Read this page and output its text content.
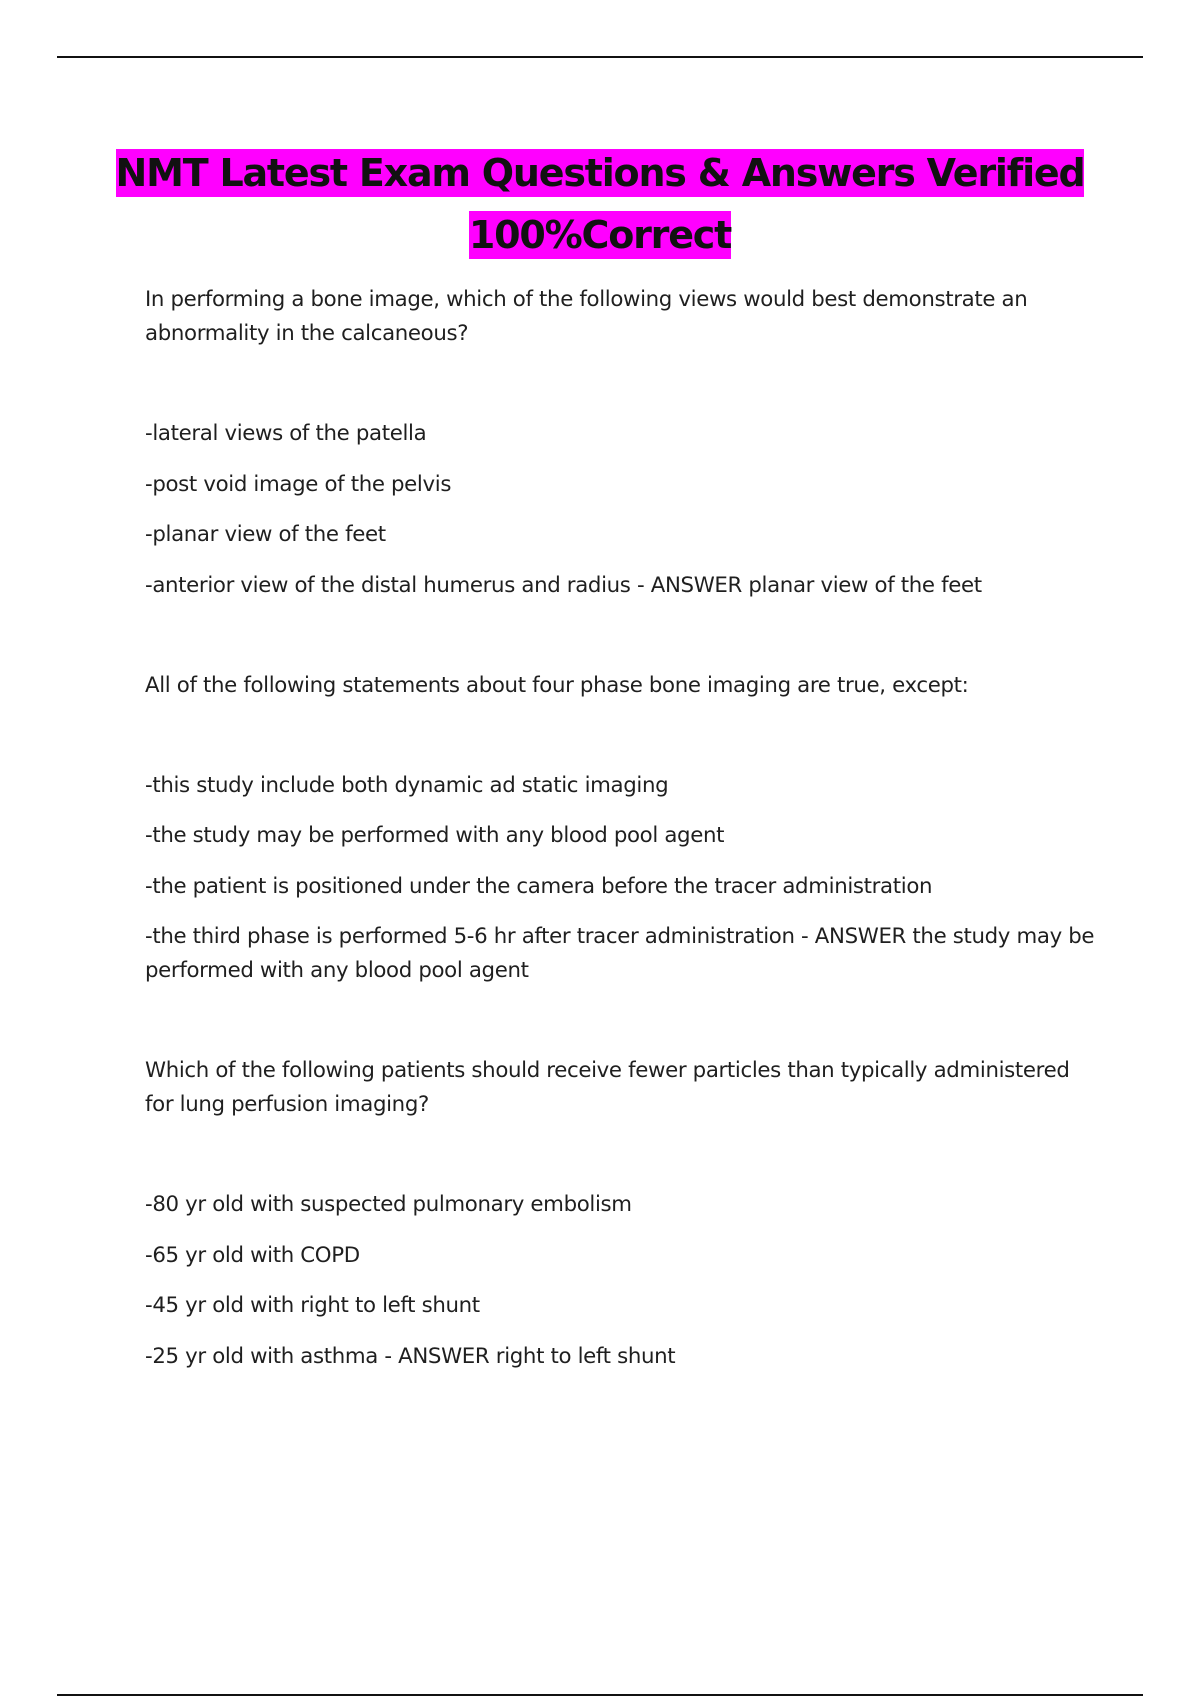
NMT Latest Exam Questions & Answers Verified
100%Correct

In performing a bone image, which of the following views would best demonstrate an abnormality in the calcaneous?

-lateral views of the patella

-post void image of the pelvis

-planar view of the feet

-anterior view of the distal humerus and radius - ANSWER planar view of the feet

All of the following statements about four phase bone imaging are true, except:

-this study include both dynamic ad static imaging

-the study may be performed with any blood pool agent

-the patient is positioned under the camera before the tracer administration

-the third phase is performed 5-6 hr after tracer administration - ANSWER the study may be performed with any blood pool agent

Which of the following patients should receive fewer particles than typically administered for lung perfusion imaging?

-80 yr old with suspected pulmonary embolism

-65 yr old with COPD

-45 yr old with right to left shunt

-25 yr old with asthma - ANSWER right to left shunt
